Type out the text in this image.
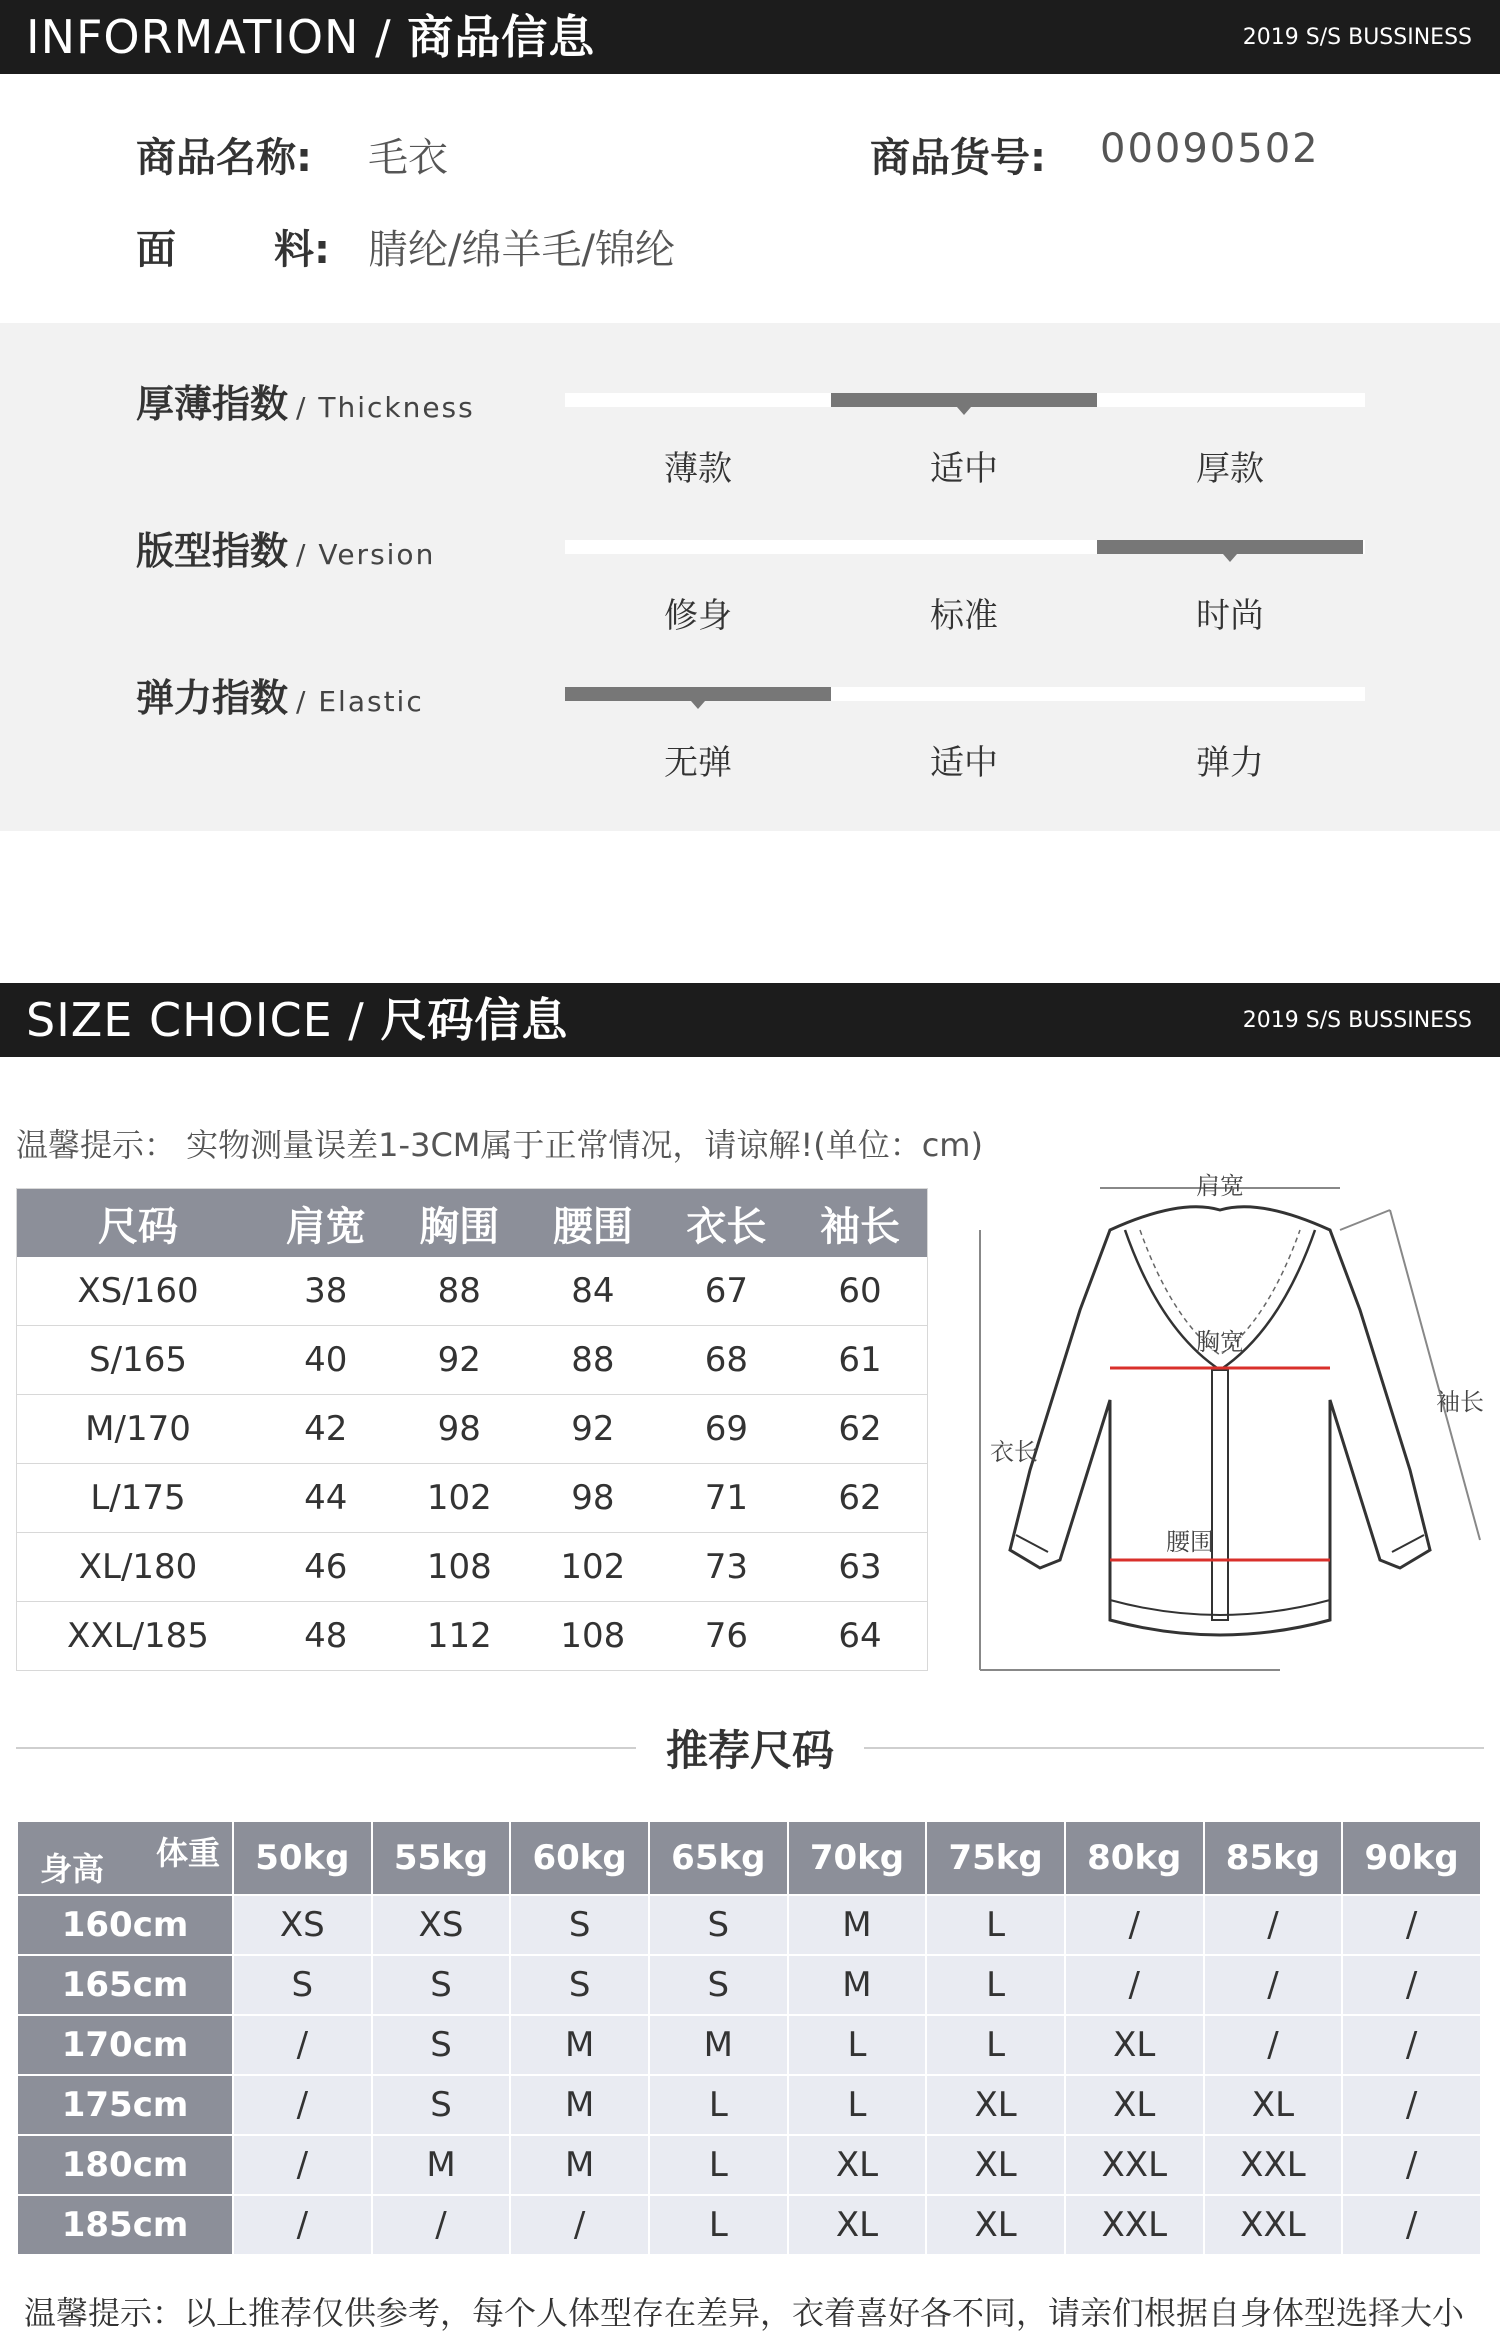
INFORMATION / 商品信息	2019 S/S BUSSINESS
商品名称: 毛衣	商品货号: 00090502
面 料: 腈纶/绵羊毛/锦纶
厚薄指数 / Thickness
薄款	适中	厚款
版型指数 / Version
修身	标准	时尚
弹力指数 / Elastic
无弹	适中	弹力
SIZE CHOICE / 尺码信息	2019 S/S BUSSINESS
温馨提示： 实物测量误差1-3CM属于正常情况，请谅解!(单位：cm)
尺码	肩宽	胸围	腰围	衣长	袖长
XS/160	38	88	84	67	60
S/165	40	92	88	68	61
M/170	42	98	92	69	62
L/175	44	102	98	71	62
XL/180	46	108	102	73	63
XXL/185	48	112	108	76	64
肩宽
胸宽
袖长
衣长
腰围
推荐尺码
体重
身高	50kg	55kg	60kg	65kg	70kg	75kg	80kg	85kg	90kg
160cm	XS	XS	S	S	M	L	/	/	/
165cm	S	S	S	S	M	L	/	/	/
170cm	/	S	M	M	L	L	XL	/	/
175cm	/	S	M	L	L	XL	XL	XL	/
180cm	/	M	M	L	XL	XL	XXL	XXL	/
185cm	/	/	/	L	XL	XL	XXL	XXL	/
温馨提示：以上推荐仅供参考，每个人体型存在差异，衣着喜好各不同，请亲们根据自身体型选择大小
